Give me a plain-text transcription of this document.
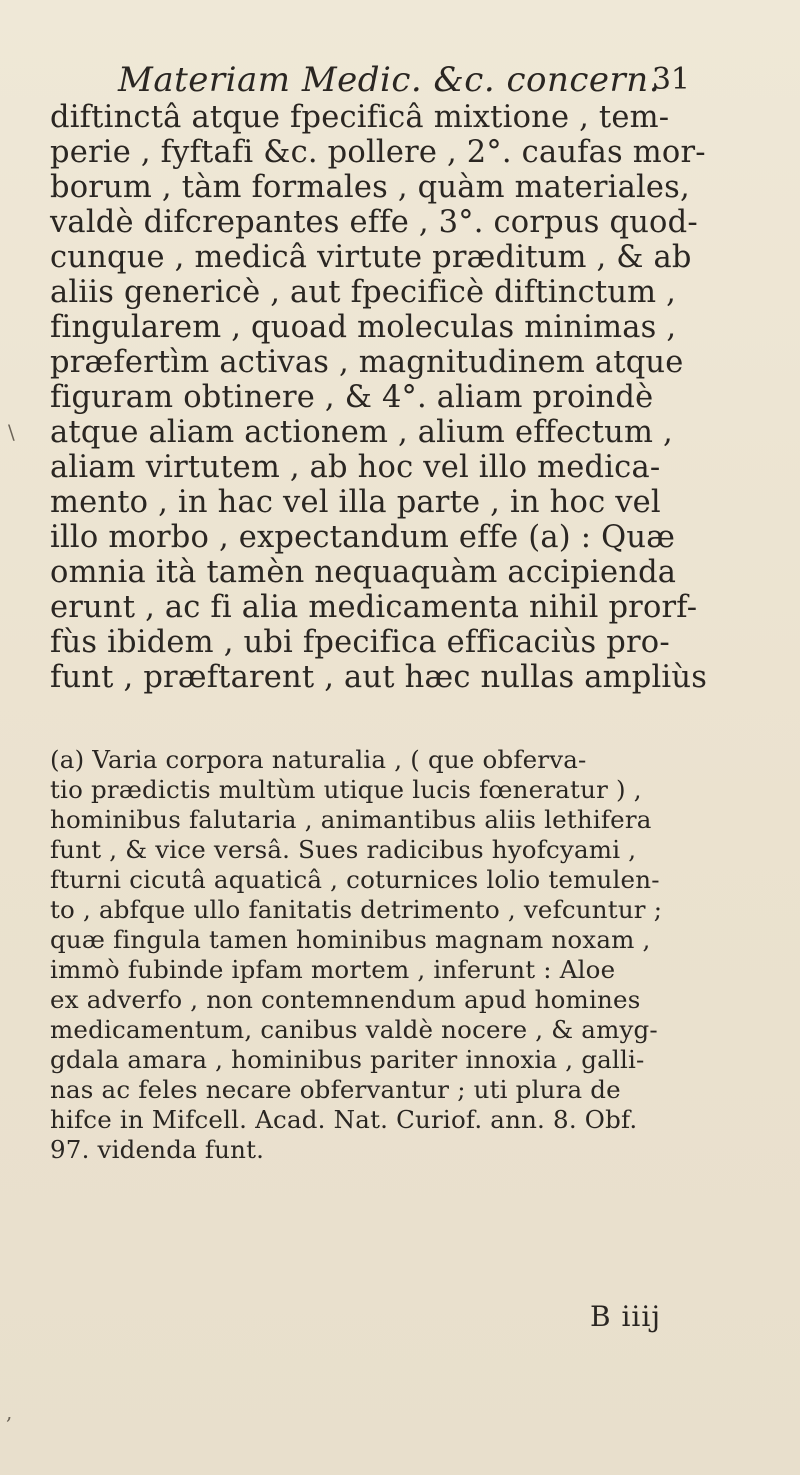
Materiam Medic. &c. concern.
31
diftinctâ atque fpecificâ mixtione , tem-
perie , fyftafi &c. pollere , 2°. caufas mor-
borum , tàm formales , quàm materiales,
valdè difcrepantes effe , 3°. corpus quod-
cunque , medicâ virtute præditum , & ab
aliis genericè , aut fpecificè diftinctum ,
fingularem , quoad moleculas minimas ,
præfertìm activas , magnitudinem atque
figuram obtinere , & 4°. aliam proindè
atque aliam actionem , alium effectum ,
aliam virtutem , ab hoc vel illo medica-
mento , in hac vel illa parte , in hoc vel
illo morbo , expectandum effe (a) : Quæ
omnia ità tamèn nequaquàm accipienda
erunt , ac fi alia medicamenta nihil prorf-
fùs ibidem , ubi fpecifica efficaciùs pro-
funt , præftarent , aut hæc nullas ampliùs
(a) Varia corpora naturalia , ( que obferva-
tio prædictis multùm utique lucis fœneratur ) ,
hominibus falutaria , animantibus aliis lethifera
funt , & vice versâ. Sues radicibus hyofcyami ,
fturni cicutâ aquaticâ , coturnices lolio temulen-
to , abfque ullo fanitatis detrimento , vefcuntur ;
quæ fingula tamen hominibus magnam noxam ,
immò fubinde ipfam mortem , inferunt : Aloe
ex adverfo , non contemnendum apud homines
medicamentum, canibus valdè nocere , & amyg-
gdala amara , hominibus pariter innoxia , galli-
nas ac feles necare obfervantur ; uti plura de
hifce in Mifcell. Acad. Nat. Curiof. ann. 8. Obf.
97. videnda funt.
B iiij
\
,
